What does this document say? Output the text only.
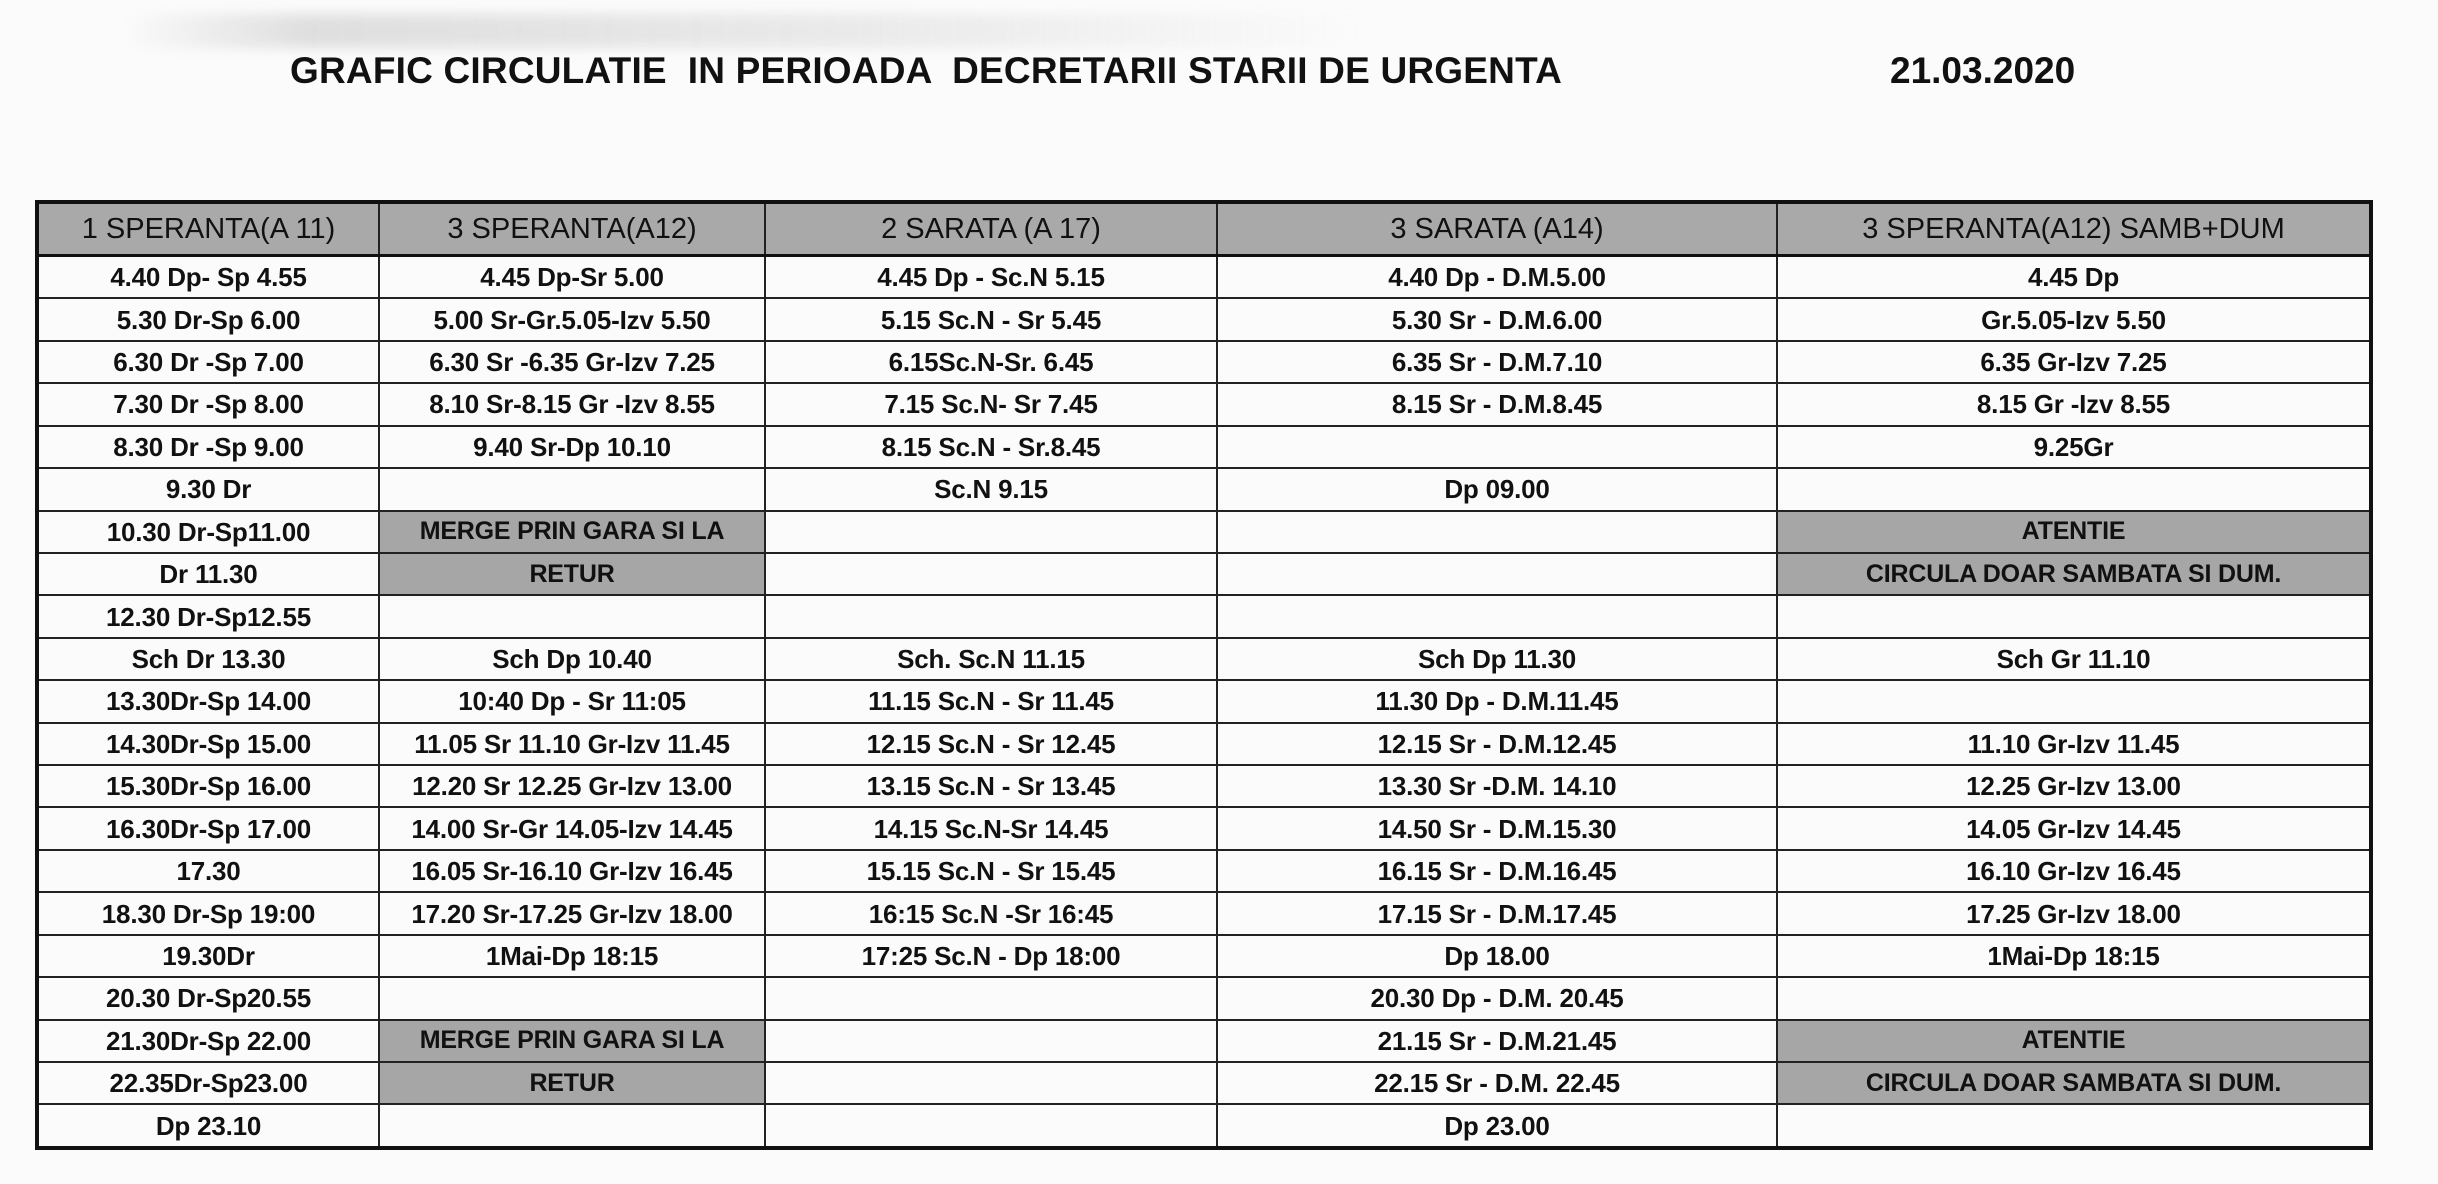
GRAFIC CIRCULATIE  IN PERIOADA  DECRETARII STARII DE URGENTA	21.03.2020
1 SPERANTA(A 11)	3 SPERANTA(A12)	2 SARATA (A 17)	3 SARATA (A14)	3 SPERANTA(A12) SAMB+DUM
4.40 Dp- Sp 4.55	4.45 Dp-Sr 5.00	4.45 Dp - Sc.N 5.15	4.40 Dp - D.M.5.00	4.45 Dp
5.30 Dr-Sp 6.00	5.00 Sr-Gr.5.05-Izv 5.50	5.15 Sc.N - Sr 5.45	5.30 Sr - D.M.6.00	Gr.5.05-Izv 5.50
6.30 Dr -Sp 7.00	6.30 Sr -6.35 Gr-Izv 7.25	6.15Sc.N-Sr. 6.45	6.35 Sr - D.M.7.10	6.35 Gr-Izv 7.25
7.30 Dr -Sp 8.00	8.10 Sr-8.15 Gr -Izv 8.55	7.15 Sc.N- Sr 7.45	8.15 Sr - D.M.8.45	8.15 Gr -Izv 8.55
8.30 Dr -Sp 9.00	9.40 Sr-Dp 10.10	8.15 Sc.N - Sr.8.45		9.25Gr
9.30 Dr		Sc.N 9.15	Dp 09.00	
10.30 Dr-Sp11.00	MERGE PRIN GARA SI LA			ATENTIE
Dr 11.30	RETUR			CIRCULA DOAR SAMBATA SI DUM.
12.30 Dr-Sp12.55				
Sch Dr 13.30	Sch Dp 10.40	Sch. Sc.N 11.15	Sch Dp 11.30	Sch Gr 11.10
13.30Dr-Sp 14.00	10:40 Dp - Sr 11:05	11.15 Sc.N - Sr 11.45	11.30 Dp - D.M.11.45	
14.30Dr-Sp 15.00	11.05 Sr 11.10 Gr-Izv 11.45	12.15 Sc.N - Sr 12.45	12.15 Sr - D.M.12.45	11.10 Gr-Izv 11.45
15.30Dr-Sp 16.00	12.20 Sr 12.25 Gr-Izv 13.00	13.15 Sc.N - Sr 13.45	13.30 Sr -D.M. 14.10	12.25 Gr-Izv 13.00
16.30Dr-Sp 17.00	14.00 Sr-Gr 14.05-Izv 14.45	14.15 Sc.N-Sr 14.45	14.50 Sr - D.M.15.30	14.05 Gr-Izv 14.45
17.30	16.05 Sr-16.10 Gr-Izv 16.45	15.15 Sc.N - Sr 15.45	16.15 Sr - D.M.16.45	16.10 Gr-Izv 16.45
18.30 Dr-Sp 19:00	17.20 Sr-17.25 Gr-Izv 18.00	16:15 Sc.N -Sr 16:45	17.15 Sr - D.M.17.45	17.25 Gr-Izv 18.00
19.30Dr	1Mai-Dp 18:15	17:25 Sc.N - Dp 18:00	Dp 18.00	1Mai-Dp 18:15
20.30 Dr-Sp20.55			20.30 Dp - D.M. 20.45	
21.30Dr-Sp 22.00	MERGE PRIN GARA SI LA		21.15 Sr - D.M.21.45	ATENTIE
22.35Dr-Sp23.00	RETUR		22.15 Sr - D.M. 22.45	CIRCULA DOAR SAMBATA SI DUM.
Dp 23.10			Dp 23.00	
